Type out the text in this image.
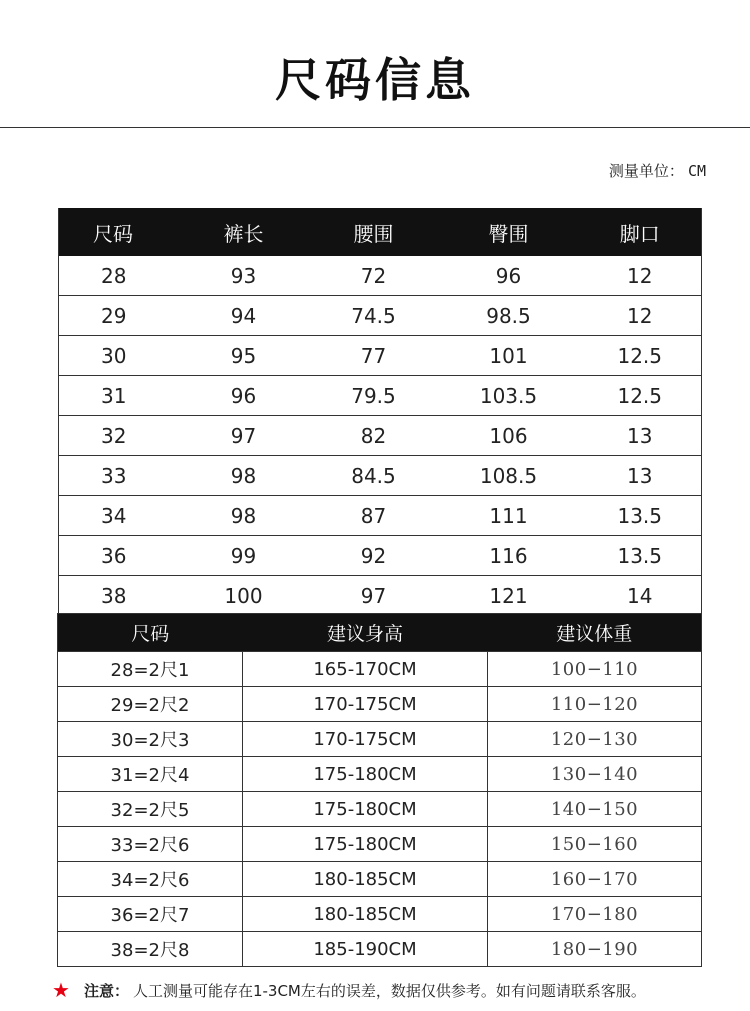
尺码信息
测量单位： CM
尺码	裤长	腰围	臀围	脚口
28	93	72	96	12
29	94	74.5	98.5	12
30	95	77	101	12.5
31	96	79.5	103.5	12.5
32	97	82	106	13
33	98	84.5	108.5	13
34	98	87	111	13.5
36	99	92	116	13.5
38	100	97	121	14
尺码	建议身高	建议体重
28=2尺1	165-170CM	100−110
29=2尺2	170-175CM	110−120
30=2尺3	170-175CM	120−130
31=2尺4	175-180CM	130−140
32=2尺5	175-180CM	140−150
33=2尺6	175-180CM	150−160
34=2尺6	180-185CM	160−170
36=2尺7	180-185CM	170−180
38=2尺8	185-190CM	180−190
★ 注意： 人工测量可能存在1-3CM左右的误差，数据仅供参考。如有问题请联系客服。
